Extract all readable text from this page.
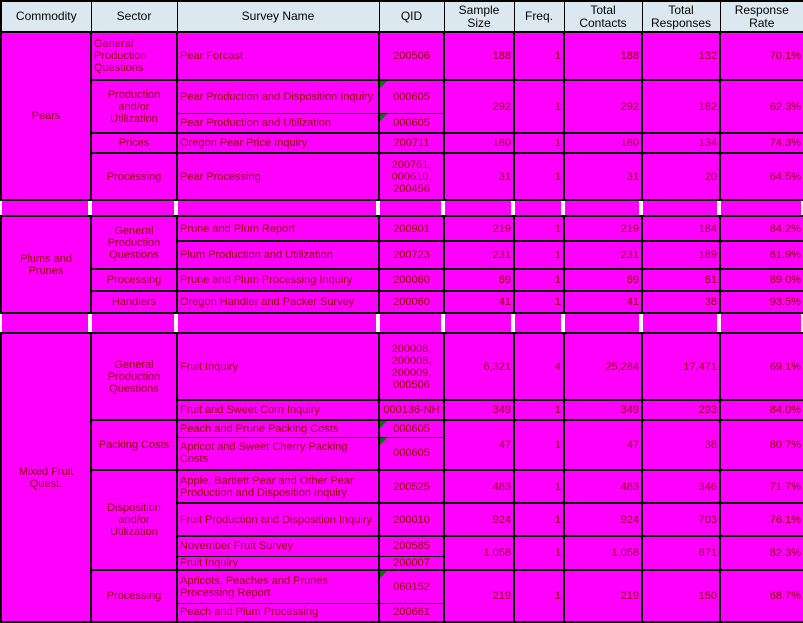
Commodity	Sector	Survey Name	QID	Sample Size	Freq.	Total Contacts	Total Responses	Response Rate
Pears	General Production Questions	Pear Forcast	200506	188	1	188	132	70.1%
	Production and/or Utilization	Pear Production and Disposition Inquiry	000605	292	1	292	182	62.3%
		Pear Production and Utilization	000605					
	Prices	Oregon Pear Price Inquiry	200711	180	1	180	134	74.3%
	Processing	Pear Processing	200761, 000610, 200456	31	1	31	20	64.5%
Plums and Prunes	General Production Questions	Prune and Plum Report	200901	219	1	219	184	84.2%
		Plum Production and Utilization	200723	231	1	231	189	81.9%
	Processing	Prune and Plum Processing Inquiry	200060	69	1	69	61	89.0%
	Handlers	Oregon Handler and Packer Survey	200060	41	1	41	38	93.5%
Mixed Fruit Quest.	General Production Questions	Fruit Inquiry	200008, 200008, 200009, 000506	6,321	4	25,284	17,471	69.1%
		Fruit and Sweet Corn Inquiry	000136-NH	349	1	349	293	84.0%
	Packing Costs	Peach and Prune Packing Costs	000605	47	1	47	38	80.7%
		Apricot and Sweet Cherry Packing Costs	000605					
	Disposition and/or Utilization	Apple, Bartlett Pear and Other Pear Production and Disposition Inquiry	200525	483	1	483	346	71.7%
		Fruit Production and Disposition Inquiry	200010	924	1	924	703	76.1%
		November Fruit Survey	200585	1,058	1	1,058	871	82.3%
		Fruit Inquiry	200007					
	Processing	Apricots, Peaches and Prunes Processing Report	060152	219	1	219	150	68.7%
		Peach and Plum Processing	200661					
